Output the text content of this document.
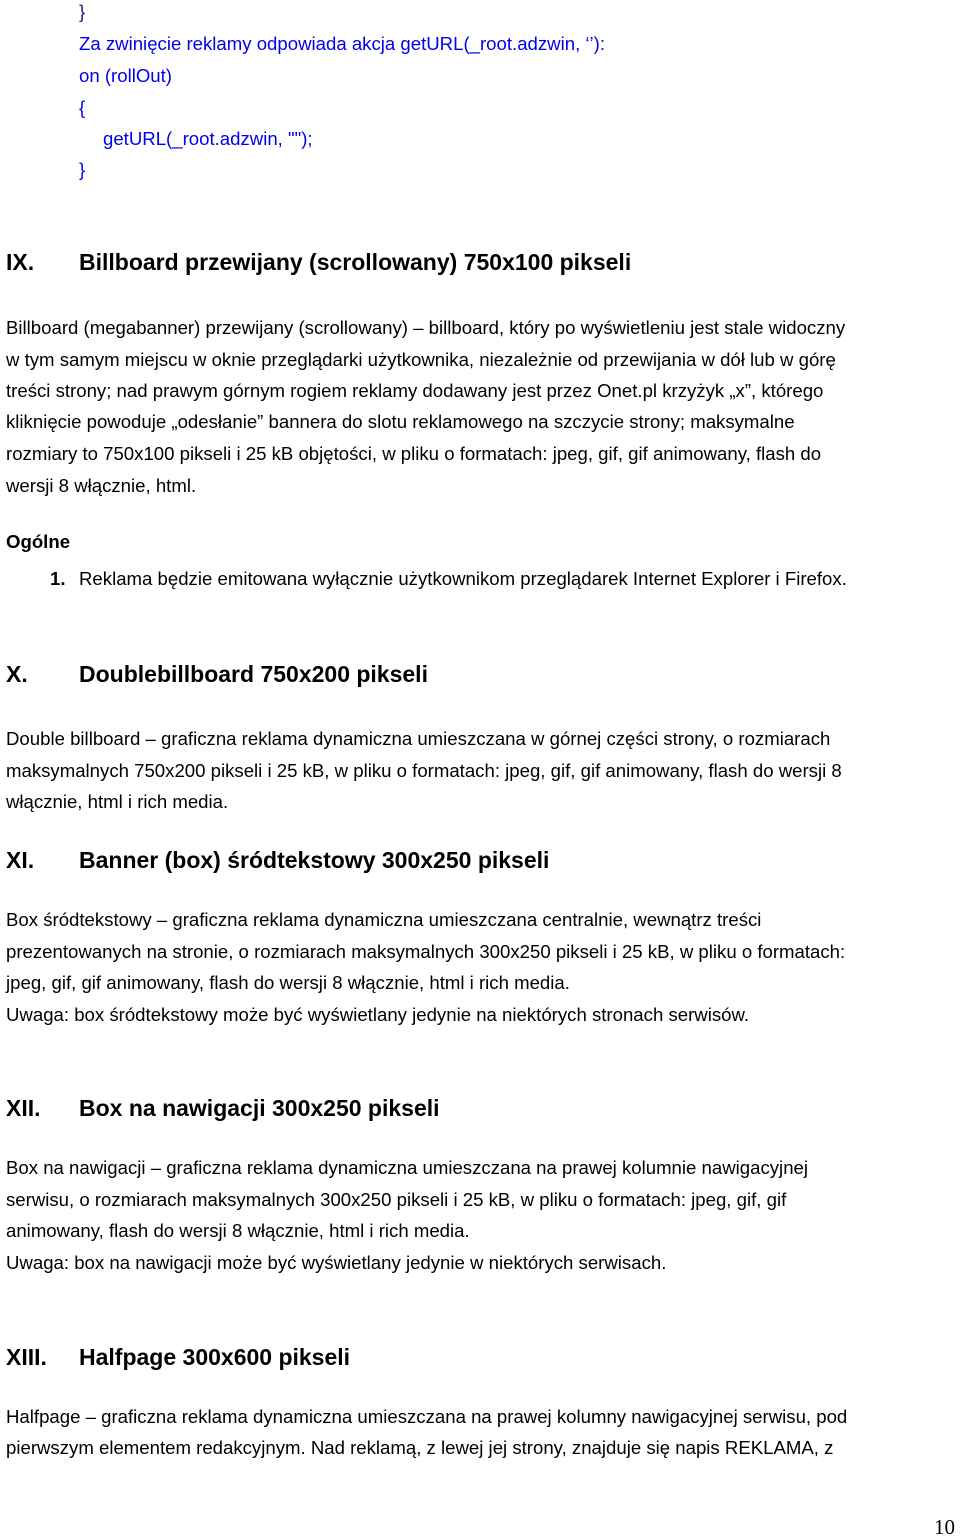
}
Za zwinięcie reklamy odpowiada akcja getURL(_root.adzwin, ‘’):
on (rollOut)
{
getURL(_root.adzwin, "");
}
IX. Billboard przewijany (scrollowany) 750x100 pikseli
Billboard (megabanner) przewijany (scrollowany) – billboard, który po wyświetleniu jest stale widoczny
w tym samym miejscu w oknie przeglądarki użytkownika, niezależnie od przewijania w dół lub w górę
treści strony; nad prawym górnym rogiem reklamy dodawany jest przez Onet.pl krzyżyk „x”, którego
kliknięcie powoduje „odesłanie” bannera do slotu reklamowego na szczycie strony; maksymalne
rozmiary to 750x100 pikseli i 25 kB objętości, w pliku o formatach: jpeg, gif, gif animowany, flash do
wersji 8 włącznie, html.
Ogólne
1. Reklama będzie emitowana wyłącznie użytkownikom przeglądarek Internet Explorer i Firefox.
X. Doublebillboard 750x200 pikseli
Double billboard – graficzna reklama dynamiczna umieszczana w górnej części strony, o rozmiarach
maksymalnych 750x200 pikseli i 25 kB, w pliku o formatach: jpeg, gif, gif animowany, flash do wersji 8
włącznie, html i rich media.
XI. Banner (box) śródtekstowy 300x250 pikseli
Box śródtekstowy – graficzna reklama dynamiczna umieszczana centralnie, wewnątrz treści
prezentowanych na stronie, o rozmiarach maksymalnych 300x250 pikseli i 25 kB, w pliku o formatach:
jpeg, gif, gif animowany, flash do wersji 8 włącznie, html i rich media.
Uwaga: box śródtekstowy może być wyświetlany jedynie na niektórych stronach serwisów.
XII. Box na nawigacji 300x250 pikseli
Box na nawigacji – graficzna reklama dynamiczna umieszczana na prawej kolumnie nawigacyjnej
serwisu, o rozmiarach maksymalnych 300x250 pikseli i 25 kB, w pliku o formatach: jpeg, gif, gif
animowany, flash do wersji 8 włącznie, html i rich media.
Uwaga: box na nawigacji może być wyświetlany jedynie w niektórych serwisach.
XIII. Halfpage 300x600 pikseli
Halfpage – graficzna reklama dynamiczna umieszczana na prawej kolumny nawigacyjnej serwisu, pod
pierwszym elementem redakcyjnym. Nad reklamą, z lewej jej strony, znajduje się napis REKLAMA, z
10
